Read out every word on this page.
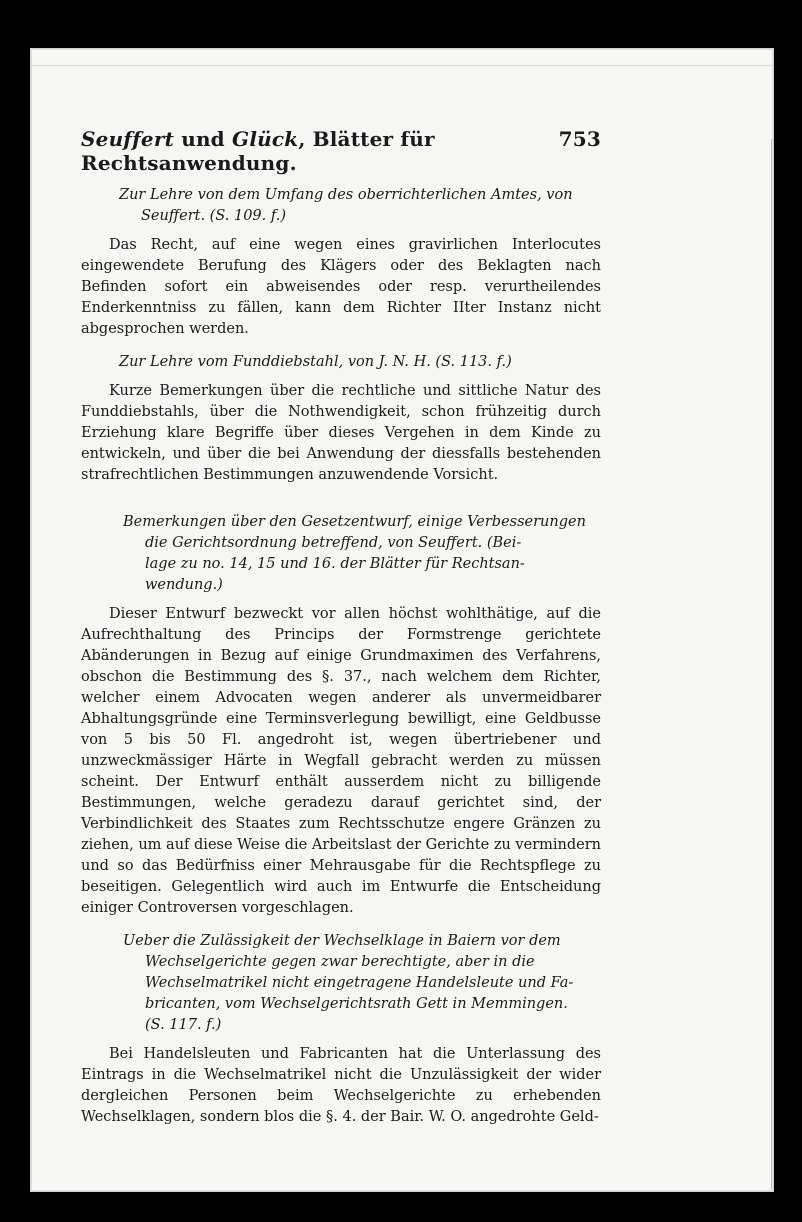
Seuffert und Glück, Blätter für Rechtsanwendung.
753
Zur Lehre von dem Umfang des oberrichterlichen Amtes, von
Seuffert. (S. 109. f.)

Das Recht, auf eine wegen eines gravirlichen Interlocutes eingewendete Berufung des Klägers oder des Beklagten nach Befinden sofort ein abweisendes oder resp. verurtheilendes Enderkenntniss zu fällen, kann dem Richter IIter Instanz nicht abgesprochen werden.

Zur Lehre vom Funddiebstahl, von J. N. H. (S. 113. f.)

Kurze Bemerkungen über die rechtliche und sittliche Natur des Funddiebstahls, über die Nothwendigkeit, schon frühzeitig durch Erziehung klare Begriffe über dieses Vergehen in dem Kinde zu entwickeln, und über die bei Anwendung der diessfalls bestehenden strafrechtlichen Bestimmungen anzuwendende Vorsicht.

Bemerkungen über den Gesetzentwurf, einige Verbesserungen
die Gerichtsordnung betreffend, von Seuffert. (Bei-
lage zu no. 14, 15 und 16. der Blätter für Rechtsan-
wendung.)

Dieser Entwurf bezweckt vor allen höchst wohlthätige, auf die Aufrechthaltung des Princips der Formstrenge gerichtete Abänderungen in Bezug auf einige Grundmaximen des Verfahrens, obschon die Bestimmung des §. 37., nach welchem dem Richter, welcher einem Advocaten wegen anderer als unvermeidbarer Abhaltungsgründe eine Terminsverlegung bewilligt, eine Geldbusse von 5 bis 50 Fl. angedroht ist, wegen übertriebener und unzweckmässiger Härte in Wegfall gebracht werden zu müssen scheint. Der Entwurf enthält ausserdem nicht zu billigende Bestimmungen, welche geradezu darauf gerichtet sind, der Verbindlichkeit des Staates zum Rechtsschutze engere Gränzen zu ziehen, um auf diese Weise die Arbeitslast der Gerichte zu vermindern und so das Bedürfniss einer Mehrausgabe für die Rechtspflege zu beseitigen. Gelegentlich wird auch im Entwurfe die Entscheidung einiger Controversen vorgeschlagen.

Ueber die Zulässigkeit der Wechselklage in Baiern vor dem
Wechselgerichte gegen zwar berechtigte, aber in die
Wechselmatrikel nicht eingetragene Handelsleute und Fa-
bricanten, vom Wechselgerichtsrath Gett in Memmingen.
(S. 117. f.)

Bei Handelsleuten und Fabricanten hat die Unterlassung des Eintrags in die Wechselmatrikel nicht die Unzulässigkeit der wider dergleichen Personen beim Wechselgerichte zu erhebenden Wechselklagen, sondern blos die §. 4. der Bair. W. O. angedrohte Geld-
